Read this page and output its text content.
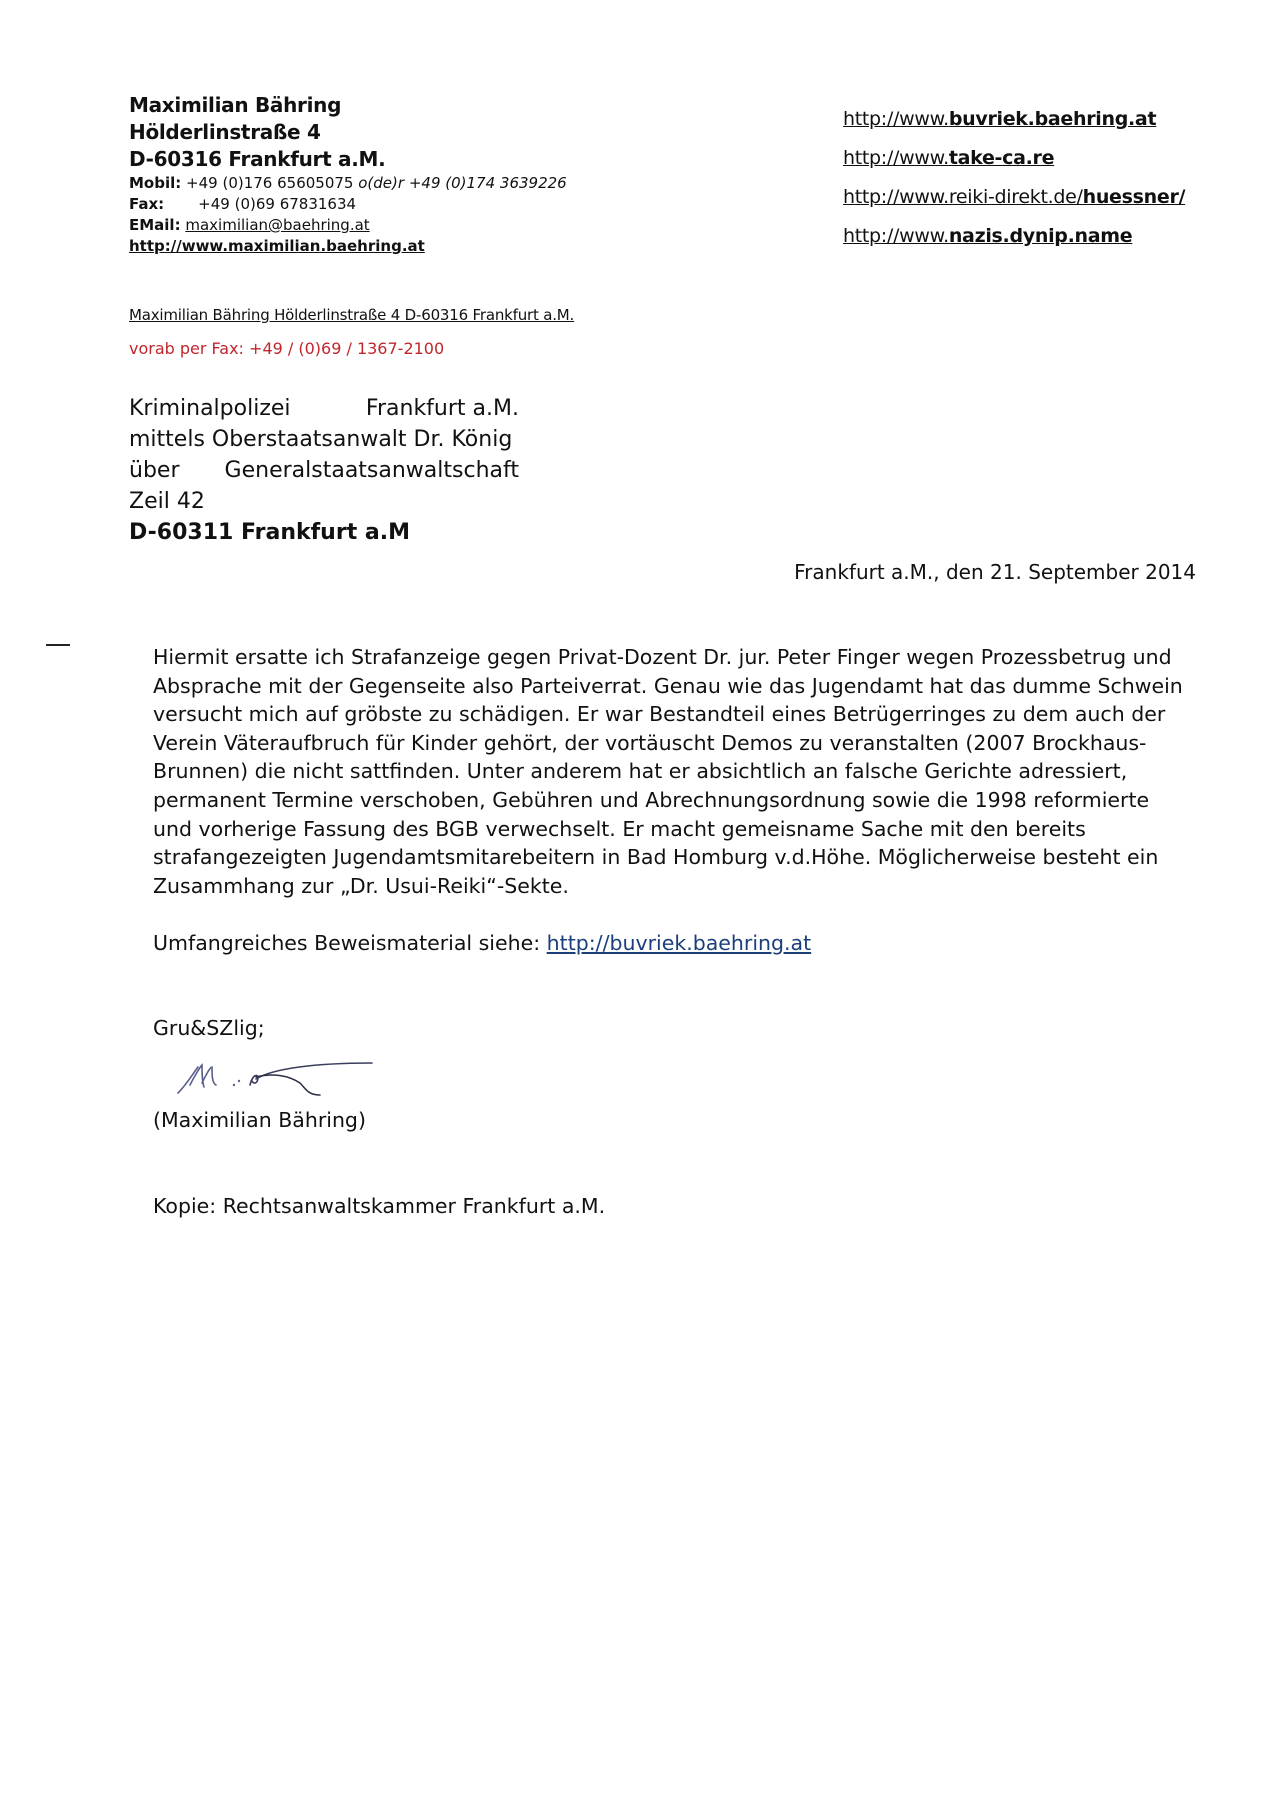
Maximilian Bähring
Hölderlinstraße 4
D-60316 Frankfurt a.M.
Mobil: +49 (0)176 65605075 o(de)r +49 (0)174 3639226
Fax: +49 (0)69 67831634
EMail: maximilian@baehring.at
http://www.maximilian.baehring.at
http://www.buvriek.baehring.at
http://www.take-ca.re
http://www.reiki-direkt.de/huessner/
http://www.nazis.dynip.name
Maximilian Bähring Hölderlinstraße 4 D-60316 Frankfurt a.M.
vorab per Fax: +49 / (0)69 / 1367-2100
Kriminalpolizei	Frankfurt a.M.
mittels Oberstaatsanwalt Dr. König
über Generalstaatsanwaltschaft
Zeil 42
D-60311 Frankfurt a.M
Frankfurt a.M., den 21. September 2014

Hiermit ersatte ich Strafanzeige gegen Privat-Dozent Dr. jur. Peter Finger wegen Prozessbetrug und Absprache mit der Gegenseite also Parteiverrat. Genau wie das Jugendamt hat das dumme Schwein versucht mich auf gröbste zu schädigen. Er war Bestandteil eines Betrügerringes zu dem auch der Verein Väteraufbruch für Kinder gehört, der vortäuscht Demos zu veranstalten (2007 Brockhaus-Brunnen) die nicht sattfinden. Unter anderem hat er absichtlich an falsche Gerichte adressiert, permanent Termine verschoben, Gebühren und Abrechnungsordnung sowie die 1998 reformierte und vorherige Fassung des BGB verwechselt. Er macht gemeisname Sache mit den bereits strafangezeigten Jugendamtsmitarebeitern in Bad Homburg v.d.Höhe. Möglicherweise besteht ein Zusammhang zur „Dr. Usui-Reiki“-Sekte.

Umfangreiches Beweismaterial siehe: http://buvriek.baehring.at
Gru&SZlig;
(Maximilian Bähring)
Kopie: Rechtsanwaltskammer Frankfurt a.M.
